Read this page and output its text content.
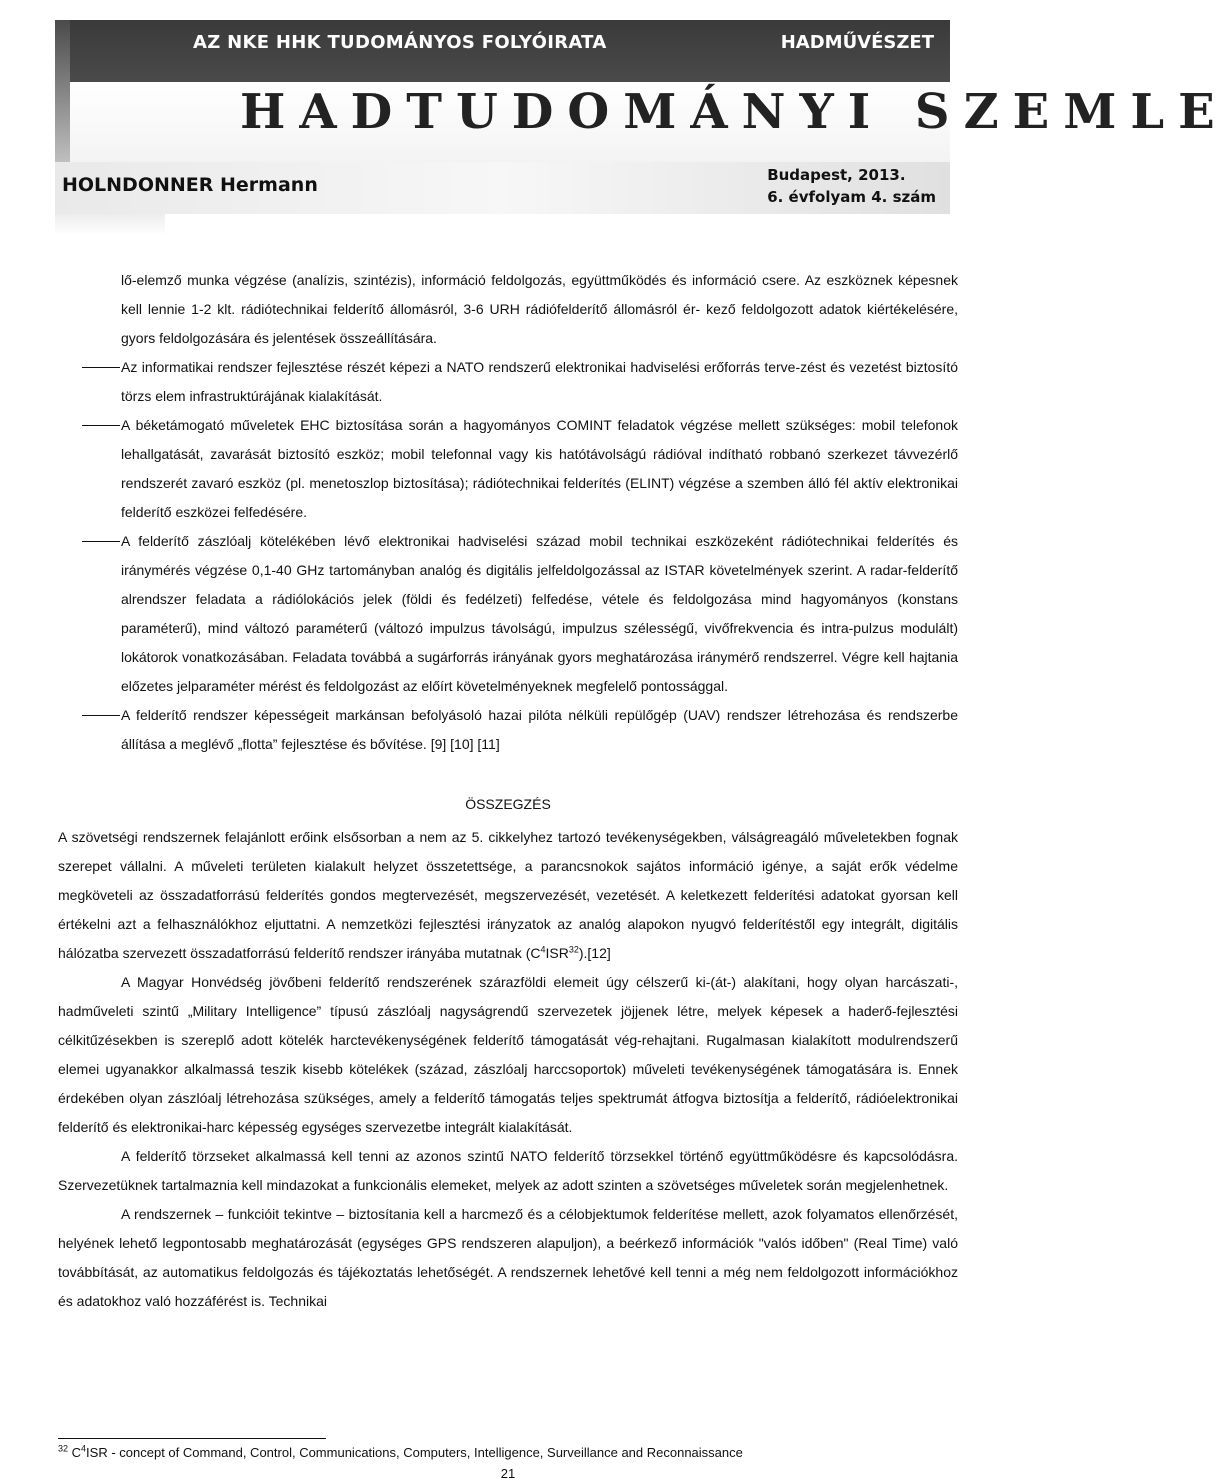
AZ NKE HHK TUDOMÁNYOS FOLYÓIRATA	HADMŰVÉSZET
HADTUDOMÁNYI SZEMLE
HOLNDONNER Hermann	Budapest, 2013.
6. évfolyam 4. szám
lő-elemző munka végzése (analízis, szintézis), információ feldolgozás, együttműködés és információ csere. Az eszköznek képesnek kell lennie 1-2 klt. rádiótechnikai felderítő állomásról, 3-6 URH rádiófelderítő állomásról ér- kező feldolgozott adatok kiértékelésére, gyors feldolgozására és jelentések összeállítására.
Az informatikai rendszer fejlesztése részét képezi a NATO rendszerű elektronikai hadviselési erőforrás terve-zést és vezetést biztosító törzs elem infrastruktúrájának kialakítását.
A béketámogató műveletek EHC biztosítása során a hagyományos COMINT feladatok végzése mellett szükséges: mobil telefonok lehallgatását, zavarását biztosító eszköz; mobil telefonnal vagy kis hatótávolságú rádióval indítható robbanó szerkezet távvezérlő rendszerét zavaró eszköz (pl. menetoszlop biztosítása); rádiótechnikai felderítés (ELINT) végzése a szemben álló fél aktív elektronikai felderítő eszközei felfedésére.
A felderítő zászlóalj kötelékében lévő elektronikai hadviselési század mobil technikai eszközeként rádiótechnikai felderítés és iránymérés végzése 0,1-40 GHz tartományban analóg és digitális jelfeldolgozással az ISTAR követelmények szerint. A radar-felderítő alrendszer feladata a rádiólokációs jelek (földi és fedélzeti) felfedése, vétele és feldolgozása mind hagyományos (konstans paraméterű), mind változó paraméterű (változó impulzus távolságú, impulzus szélességű, vivőfrekvencia és intra-pulzus modulált) lokátorok vonatkozásában. Feladata továbbá a sugárforrás irányának gyors meghatározása iránymérő rendszerrel. Végre kell hajtania előzetes jelparaméter mérést és feldolgozást az előírt követelményeknek megfelelő pontossággal.
A felderítő rendszer képességeit markánsan befolyásoló hazai pilóta nélküli repülőgép (UAV) rendszer létrehozása és rendszerbe állítása a meglévő „flotta” fejlesztése és bővítése. [9] [10] [11]
ÖSSZEGZÉS

A szövetségi rendszernek felajánlott erőink elsősorban a nem az 5. cikkelyhez tartozó tevékenységekben, válságreagáló műveletekben fognak szerepet vállalni. A műveleti területen kialakult helyzet összetettsége, a parancsnokok sajátos információ igénye, a saját erők védelme megköveteli az összadatforrású felderítés gondos megtervezését, megszervezését, vezetését. A keletkezett felderítési adatokat gyorsan kell értékelni azt a felhasználókhoz eljuttatni. A nemzetközi fejlesztési irányzatok az analóg alapokon nyugvó felderítéstől egy integrált, digitális hálózatba szervezett összadatforrású felderítő rendszer irányába mutatnak $(C^4ISR^{32}).[12]$

A Magyar Honvédség jövőbeni felderítő rendszerének szárazföldi elemeit úgy célszerű ki-(át-) alakítani, hogy olyan harcászati-, hadműveleti szintű „Military Intelligence” típusú zászlóalj nagyságrendű szervezetek jöjjenek létre, melyek képesek a haderő-fejlesztési célkitűzésekben is szereplő adott kötelék harctevékenységének felderítő támogatását vég-rehajtani. Rugalmasan kialakított modulrendszerű elemei ugyanakkor alkalmassá teszik kisebb kötelékek (század, zászlóalj harccsoportok) műveleti tevékenységének támogatására is. Ennek érdekében olyan zászlóalj létrehozása szükséges, amely a felderítő támogatás teljes spektrumát átfogva biztosítja a felderítő, rádióelektronikai felderítő és elektronikai-harc képesség egységes szervezetbe integrált kialakítását.

A felderítő törzseket alkalmassá kell tenni az azonos szintű NATO felderítő törzsekkel történő együttműködésre és kapcsolódásra. Szervezetüknek tartalmaznia kell mindazokat a funkcionális elemeket, melyek az adott szinten a szövetséges műveletek során megjelenhetnek.

A rendszernek – funkcióit tekintve – biztosítania kell a harcmező és a célobjektumok felderítése mellett, azok folyamatos ellenőrzését, helyének lehető legpontosabb meghatározását (egységes GPS rendszeren alapuljon), a beérkező információk "valós időben" (Real Time) való továbbítását, az automatikus feldolgozás és tájékoztatás lehetőségét. A rendszernek lehetővé kell tenni a még nem feldolgozott információkhoz és adatokhoz való hozzáférést is. Technikai

$^{32}$ $C^4ISR$ - concept of Command, Control, Communications, Computers, Intelligence, Surveillance and Reconnaissance
21
